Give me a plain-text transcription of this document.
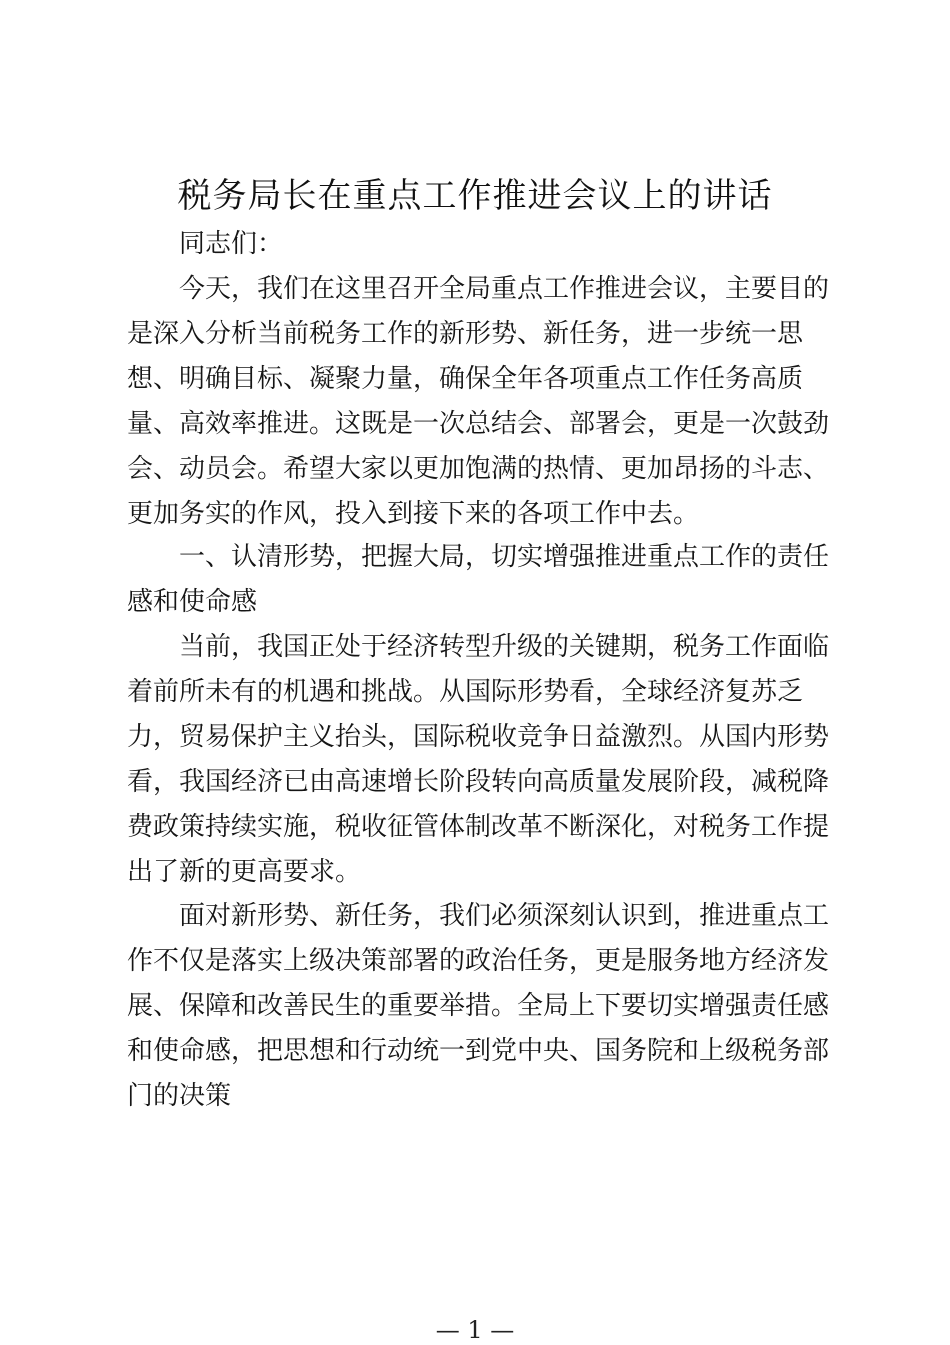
税务局长在重点工作推进会议上的讲话
同志们：
今天，我们在这里召开全局重点工作推进会议，主要目的
是深入分析当前税务工作的新形势、新任务，进一步统一思
想、明确目标、凝聚力量，确保全年各项重点工作任务高质
量、高效率推进。这既是一次总结会、部署会，更是一次鼓劲
会、动员会。希望大家以更加饱满的热情、更加昂扬的斗志、
更加务实的作风，投入到接下来的各项工作中去。
一、认清形势，把握大局，切实增强推进重点工作的责任
感和使命感
当前，我国正处于经济转型升级的关键期，税务工作面临
着前所未有的机遇和挑战。从国际形势看，全球经济复苏乏
力，贸易保护主义抬头，国际税收竞争日益激烈。从国内形势
看，我国经济已由高速增长阶段转向高质量发展阶段，减税降
费政策持续实施，税收征管体制改革不断深化，对税务工作提
出了新的更高要求。
面对新形势、新任务，我们必须深刻认识到，推进重点工
作不仅是落实上级决策部署的政治任务，更是服务地方经济发
展、保障和改善民生的重要举措。全局上下要切实增强责任感
和使命感，把思想和行动统一到党中央、国务院和上级税务部
门的决策
— 1 —
